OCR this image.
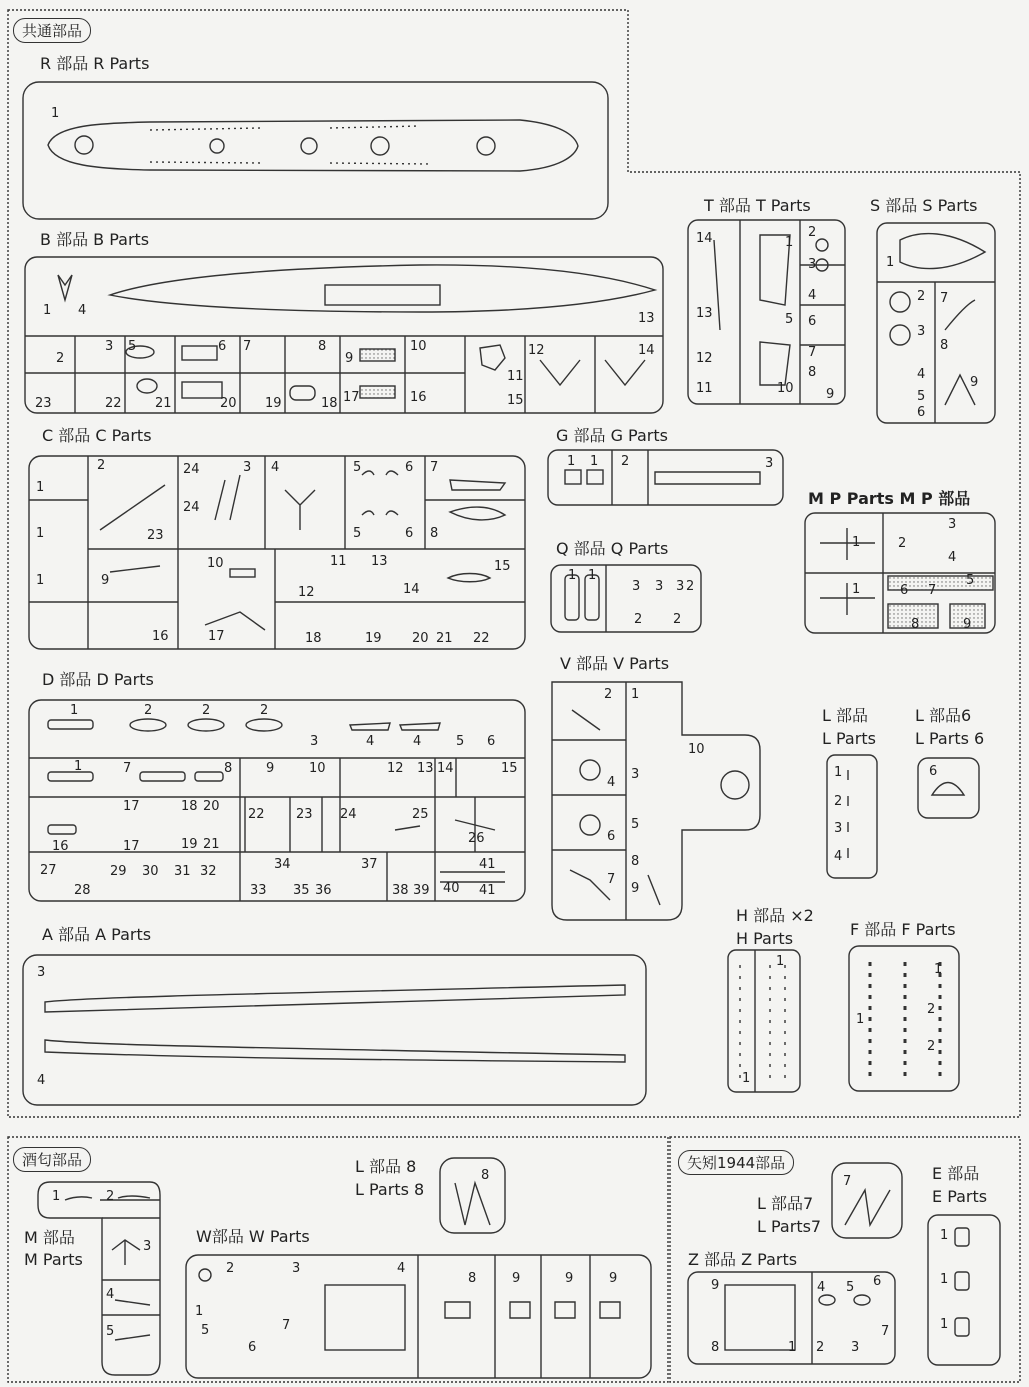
共通部品
酒匂部品	矢矧1944部品
R 部品 R Parts
B 部品 B Parts
C 部品 C Parts
D 部品 D Parts
A 部品 A Parts
T 部品 T Parts	S 部品 S Parts
G 部品 G Parts
M P Parts M P 部品
Q 部品 Q Parts
V 部品 V Parts
L 部品
L Parts
L 部品6
L Parts 6
H 部品 ×2
H Parts	F 部品 F Parts
L 部品 8
L Parts 8
M 部品
M Parts
W部品 W Parts
L 部品7
L Parts7
Z 部品 Z Parts
E 部品
E Parts
1
1 4
13
2
3 5	6 7	8
9
10
11
12	14
23	22	21	20 19	18 17	16	15
1
1
1
2	3 4	5	6 7
8
23
24
24
5	6
9
10	11
12
13
14
15
16	17	18	19 20 21 22
1	2	2	2
3	4	4	5 6
1	7	8	9	10	12 13 14	15
17	18 20
16	17	19 21
22 23 24	25
26
27
28
29 30 31 32
33
34
35 36
37
38 39 40
41
41
3
4
14	1
2
3
4
5 6
7
8
9
10
11
12
13
1
2
3
4
5
6
7
8
9
1 1 2	3
1
1
2
3
4
5
6 7
8	9
1 1
2
2 2
3 3 3
1
2
3
4
5
6
7
8
9
10
1
2
3
4
6
1
1
1
1
2
2
8
1	2
3
4
5
1
2	3	4
5
6
7
8	9	9	9
7
1 2 3
4 5 6
7
8
9
1
1
1
